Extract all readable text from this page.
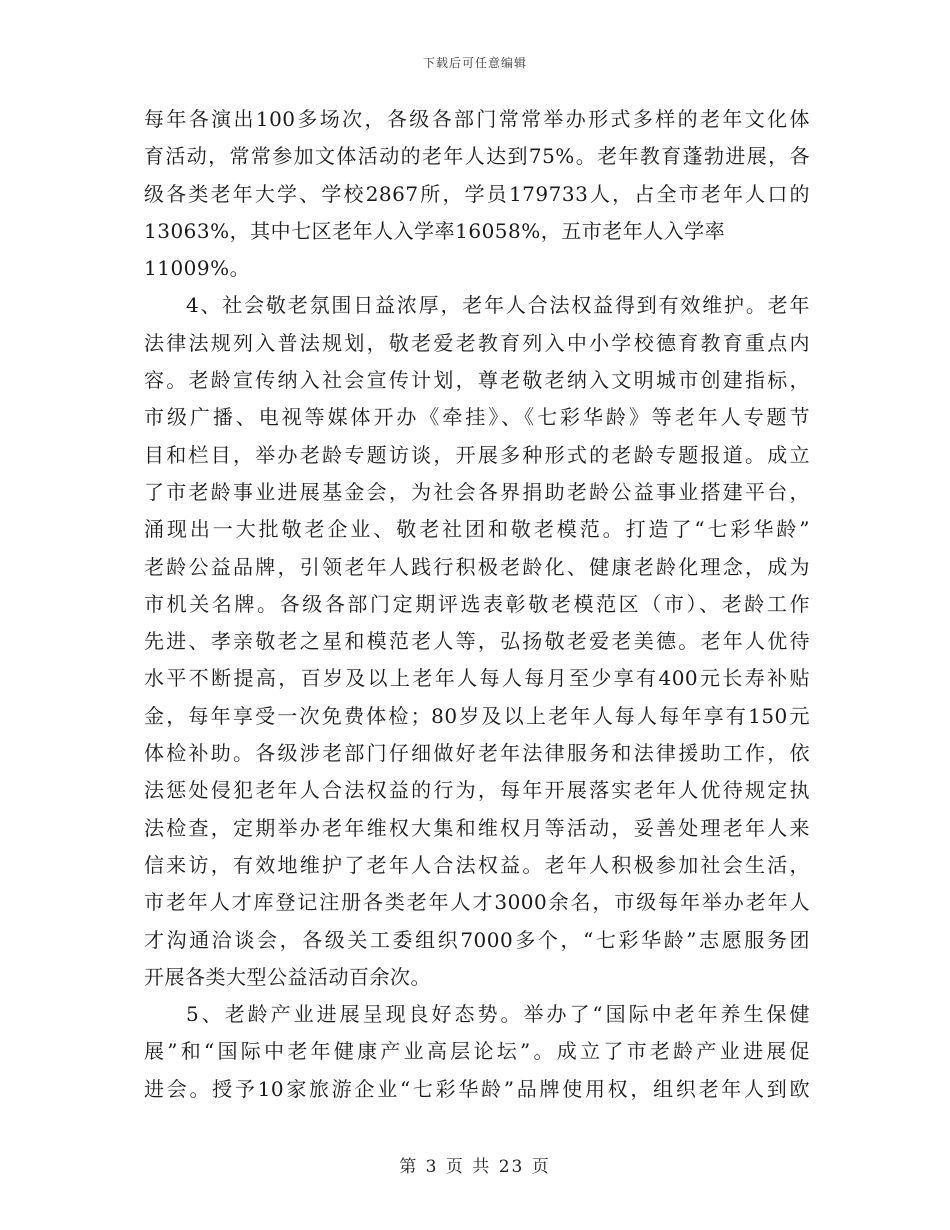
下载后可任意编辑
每年各演出100多场次，各级各部门常常举办形式多样的老年文化体
育活动，常常参加文体活动的老年人达到75%。老年教育蓬勃进展，各
级各类老年大学、学校2867所，学员179733人，占全市老年人口的
13063%，其中七区老年人入学率16058%，五市老年人入学率
11009%。
4、社会敬老氛围日益浓厚，老年人合法权益得到有效维护。老年
法律法规列入普法规划，敬老爱老教育列入中小学校德育教育重点内
容。老龄宣传纳入社会宣传计划，尊老敬老纳入文明城市创建指标，
市级广播、电视等媒体开办《牵挂》、《七彩华龄》等老年人专题节
目和栏目，举办老龄专题访谈，开展多种形式的老龄专题报道。成立
了市老龄事业进展基金会，为社会各界捐助老龄公益事业搭建平台，
涌现出一大批敬老企业、敬老社团和敬老模范。打造了“七彩华龄”
老龄公益品牌，引领老年人践行积极老龄化、健康老龄化理念，成为
市机关名牌。各级各部门定期评选表彰敬老模范区（市）、老龄工作
先进、孝亲敬老之星和模范老人等，弘扬敬老爱老美德。老年人优待
水平不断提高，百岁及以上老年人每人每月至少享有400元长寿补贴
金，每年享受一次免费体检；80岁及以上老年人每人每年享有150元
体检补助。各级涉老部门仔细做好老年法律服务和法律援助工作，依
法惩处侵犯老年人合法权益的行为，每年开展落实老年人优待规定执
法检查，定期举办老年维权大集和维权月等活动，妥善处理老年人来
信来访，有效地维护了老年人合法权益。老年人积极参加社会生活，
市老年人才库登记注册各类老年人才3000余名，市级每年举办老年人
才沟通洽谈会，各级关工委组织7000多个，“七彩华龄”志愿服务团
开展各类大型公益活动百余次。
5、老龄产业进展呈现良好态势。举办了“国际中老年养生保健
展”和“国际中老年健康产业高层论坛”。成立了市老龄产业进展促
进会。授予10家旅游企业“七彩华龄”品牌使用权，组织老年人到欧
第 3 页 共 23 页
